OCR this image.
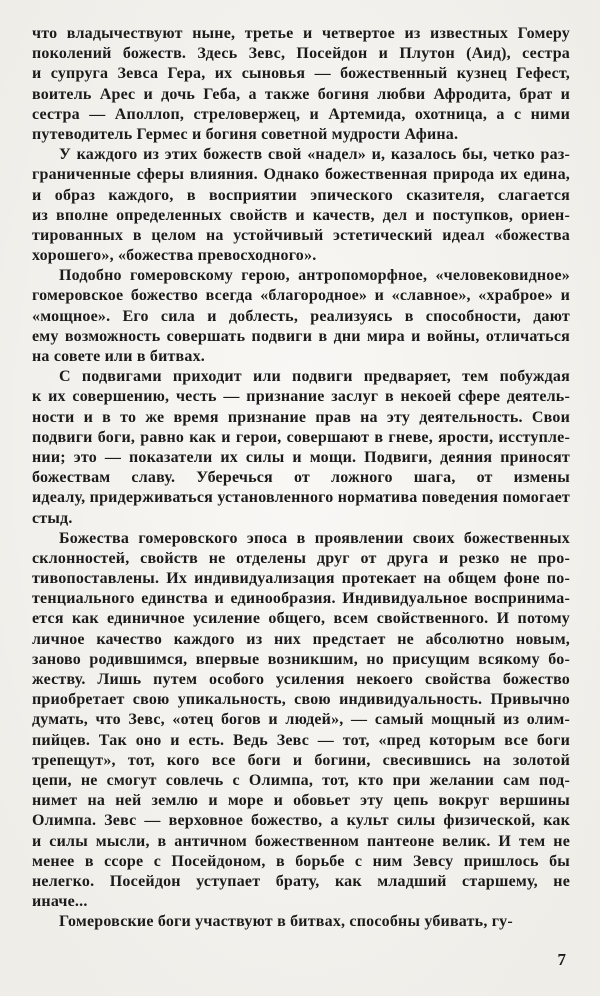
что владычествуют ныне, третье и четвертое из известных Гомеру
поколений божеств. Здесь Зевс, Посейдон и Плутон (Аид), сестра
и супруга Зевса Гера, их сыновья — божественный кузнец Гефест,
воитель Арес и дочь Геба, а также богиня любви Афродита, брат и
сестра — Аполлоп, стреловержец, и Артемида, охотница, а с ними
путеводитель Гермес и богиня советной мудрости Афина.
У каждого из этих божеств свой «надел» и, казалось бы, четко раз-
граниченные сферы влияния. Однако божественная природа их едина,
и образ каждого, в восприятии эпического сказителя, слагается
из вполне определенных свойств и качеств, дел и поступков, ориен-
тированных в целом на устойчивый эстетический идеал «божества
хорошего», «божества превосходного».
Подобно гомеровскому герою, антропоморфное, «человековидное»
гомеровское божество всегда «благородное» и «славное», «храброе» и
«мощное». Его сила и доблесть, реализуясь в способности, дают
ему возможность совершать подвиги в дни мира и войны, отличаться
на совете или в битвах.
С подвигами приходит или подвиги предваряет, тем побуждая
к их совершению, честь — признание заслуг в некоей сфере деятель-
ности и в то же время признание прав на эту деятельность. Свои
подвиги боги, равно как и герои, совершают в гневе, ярости, исступле-
нии; это — показатели их силы и мощи. Подвиги, деяния приносят
божествам славу. Уберечься от ложного шага, от измены
идеалу, придерживаться установленного норматива поведения помогает
стыд.
Божества гомеровского эпоса в проявлении своих божественных
склонностей, свойств не отделены друг от друга и резко не про-
тивопоставлены. Их индивидуализация протекает на общем фоне по-
тенциального единства и единообразия. Индивидуальное воспринима-
ется как единичное усиление общего, всем свойственного. И потому
личное качество каждого из них предстает не абсолютно новым,
заново родившимся, впервые возникшим, но присущим всякому бо-
жеству. Лишь путем особого усиления некоего свойства божество
приобретает свою упикальность, свою индивидуальность. Привычно
думать, что Зевс, «отец богов и людей», — самый мощный из олим-
пийцев. Так оно и есть. Ведь Зевс — тот, «пред которым все боги
трепещут», тот, кого все боги и богини, свесившись на золотой
цепи, не смогут совлечь с Олимпа, тот, кто при желании сам под-
нимет на ней землю и море и обовьет эту цепь вокруг вершины
Олимпа. Зевс — верховное божество, а культ силы физической, как
и силы мысли, в античном божественном пантеоне велик. И тем не
менее в ссоре с Посейдоном, в борьбе с ним Зевсу пришлось бы
нелегко. Посейдон уступает брату, как младший старшему, не
иначе...
Гомеровские боги участвуют в битвах, способны убивать, гу-
7
